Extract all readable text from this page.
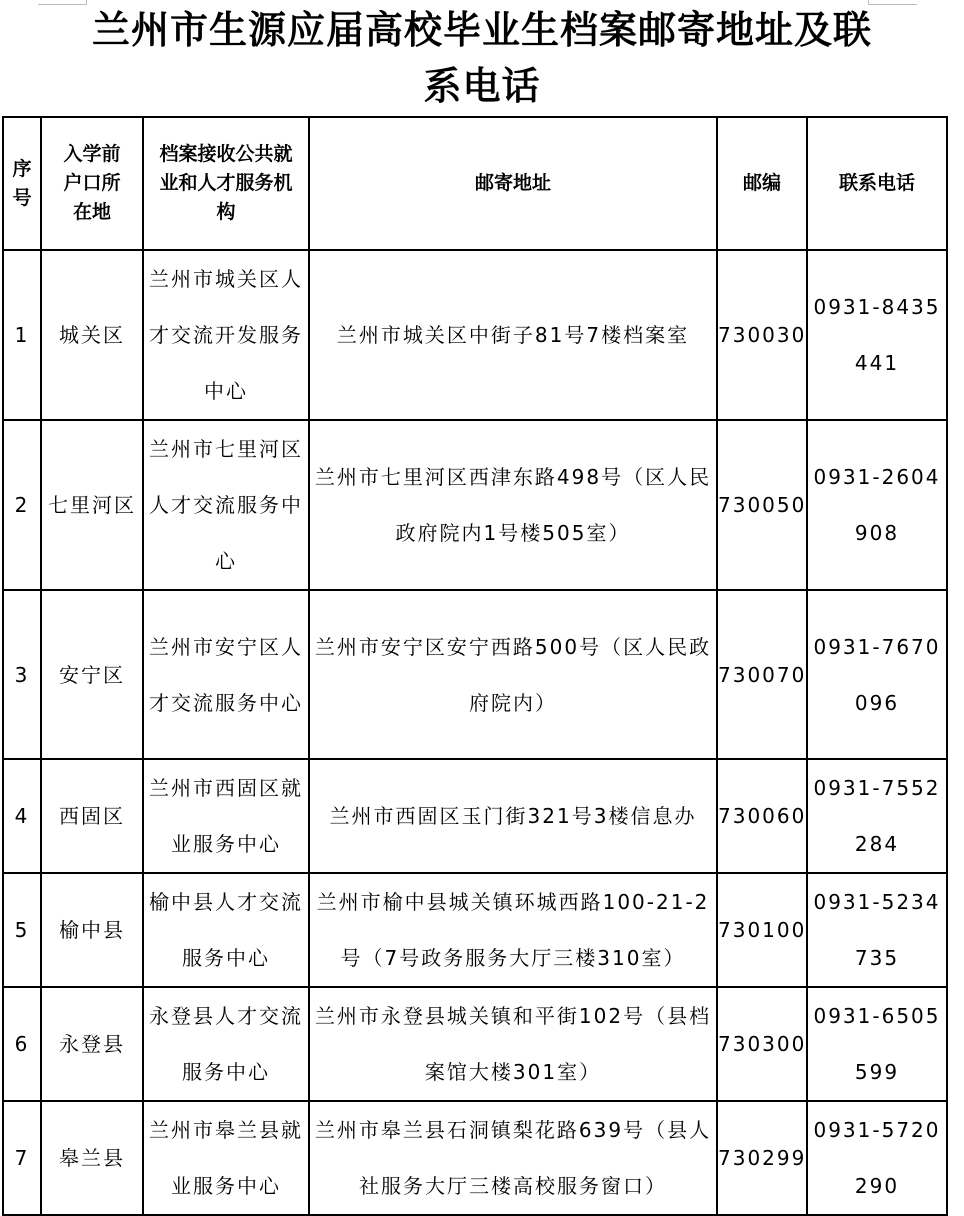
兰州市生源应届高校毕业生档案邮寄地址及联
系电话
序号	入学前户口所在地	档案接收公共就业和人才服务机构	邮寄地址	邮编	联系电话
1	城关区	兰州市城关区人才交流开发服务中心	兰州市城关区中街子81号7楼档案室	730030	0931-8435441
2	七里河区	兰州市七里河区人才交流服务中心	兰州市七里河区西津东路498号（区人民政府院内1号楼505室）	730050	0931-2604908
3	安宁区	兰州市安宁区人才交流服务中心	兰州市安宁区安宁西路500号（区人民政府院内）	730070	0931-7670096
4	西固区	兰州市西固区就业服务中心	兰州市西固区玉门街321号3楼信息办	730060	0931-7552284
5	榆中县	榆中县人才交流服务中心	兰州市榆中县城关镇环城西路100-21-2号（7号政务服务大厅三楼310室）	730100	0931-5234735
6	永登县	永登县人才交流服务中心	兰州市永登县城关镇和平街102号（县档案馆大楼301室）	730300	0931-6505599
7	皋兰县	兰州市皋兰县就业服务中心	兰州市皋兰县石洞镇梨花路639号（县人社服务大厅三楼高校服务窗口）	730299	0931-5720290
